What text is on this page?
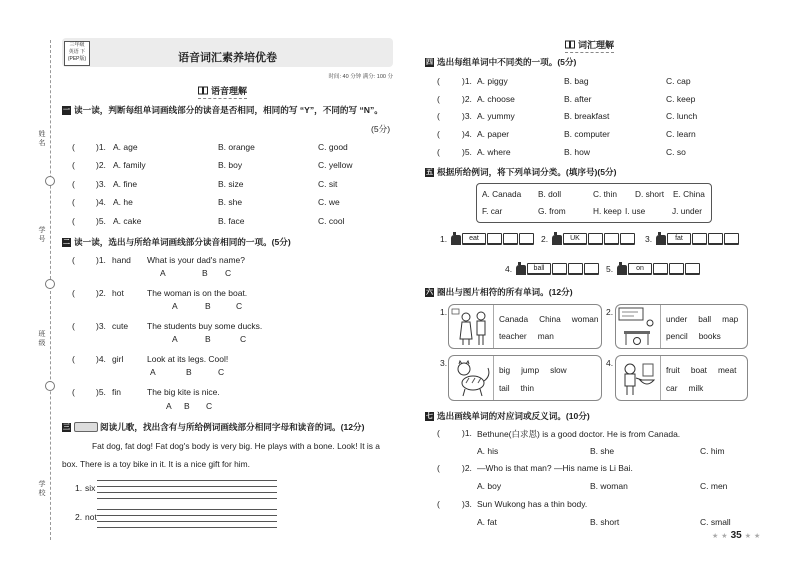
姓名
学号
班级
学校
三年级
英语 下
(PEP版)	语音词汇素养培优卷
时间: 40 分钟 满分: 100 分
语音理解
一 读一读，判断每组单词画线部分的读音是否相同，相同的写 “Y”，不同的写 “N”。
(5分)
( )1. A. age	B. orange	C. good
( )2. A. family	B. boy	C. yellow
( )3. A. fine	B. size	C. sit
( )4. A. he	B. she	C. we
( )5. A. cake	B. face	C. cool
二 读一读，选出与所给单词画线部分读音相同的一项。(5分)
( )1. hand What is your dad's name?
A	B C
( )2. hot	The woman is on the boat.
A	B	C
( )3. cute The students buy some ducks.
A	B	C
( )4. girl	Look at its legs. Cool!
A	B	C
( )5. fin	The big kite is nice.
A B C
三	阅读儿歌，找出含有与所给例词画线部分相同字母和读音的词。(12分)
Fat dog, fat dog! Fat dog's body is very big. He plays with a bone. Look! It is a box. There is a toy bike in it. It is a nice gift for him.
1. six
2. not
词汇理解
四 选出每组单词中不同类的一项。(5分)
(	)1. A. piggy	B. bag	C. cap
(	)2. A. choose	B. after	C. keep
(	)3. A. yummy	B. breakfast	C. lunch
(	)4. A. paper	B. computer	C. learn
(	)5. A. where	B. how	C. so
五 根据所给例词，将下列单词分类。(填序号)(5分)
A. Canada B. doll	C. thin D. short E. China
F. car	G. from	H. keep I. use	J. under
1.	eat	2.	UK	3.	fat
4.	ball	5.	on
六 圈出与图片相符的所有单词。(12分)
1.
Canada China woman
teacher man
2.
under ball map
pencil books
3.
big jump slow
tail thin
4.
fruit boat meat
car milk
七 选出画线单词的对应词或反义词。(10分)
(	)1. Bethune(白求恩) is a good doctor. He is from Canada.
A. his	B. she	C. him
(	)2. —Who is that man? —His name is Li Bai.
A. boy	B. woman	C. men
(	)3. Sun Wukong has a thin body.
A. fat	B. short	C. small
★ ★ 35 ★ ★
